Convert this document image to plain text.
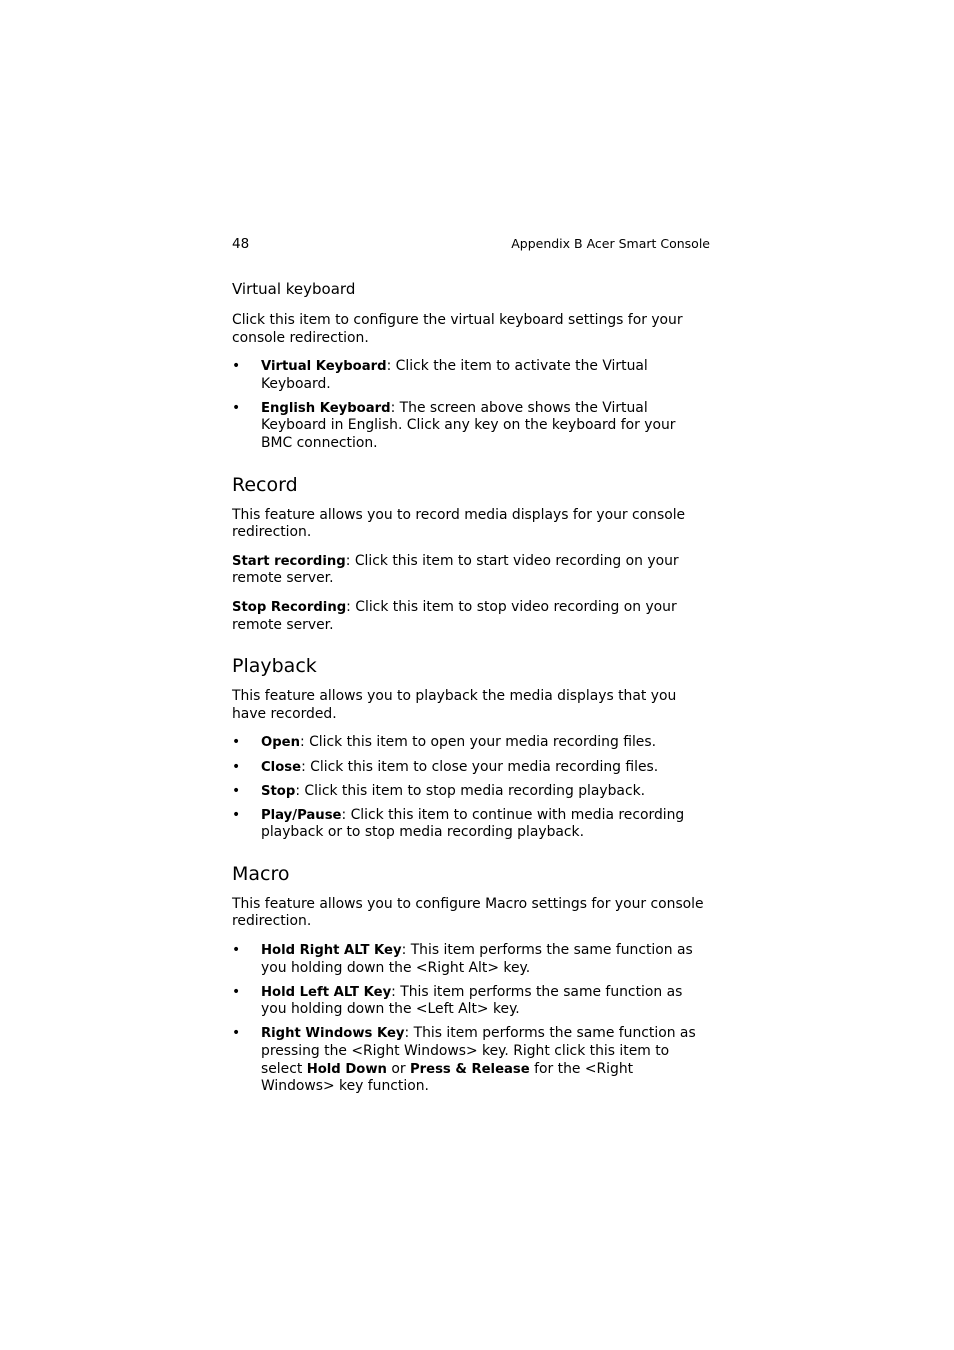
48	Appendix B Acer Smart Console
Virtual keyboard

Click this item to configure the virtual keyboard settings for your console redirection.

• Virtual Keyboard: Click the item to activate the Virtual Keyboard.
• English Keyboard: The screen above shows the Virtual Keyboard in English. Click any key on the keyboard for your BMC connection.
Record

This feature allows you to record media displays for your console redirection.

Start recording: Click this item to start video recording on your remote server.

Stop Recording: Click this item to stop video recording on your remote server.

Playback

This feature allows you to playback the media displays that you have recorded.

• Open: Click this item to open your media recording files.
• Close: Click this item to close your media recording files.
• Stop: Click this item to stop media recording playback.
• Play/Pause: Click this item to continue with media recording playback or to stop media recording playback.
Macro

This feature allows you to configure Macro settings for your console redirection.

• Hold Right ALT Key: This item performs the same function as you holding down the <Right Alt> key.
• Hold Left ALT Key: This item performs the same function as you holding down the <Left Alt> key.
• Right Windows Key: This item performs the same function as pressing the <Right Windows> key. Right click this item to select Hold Down or Press & Release for the <Right Windows> key function.
